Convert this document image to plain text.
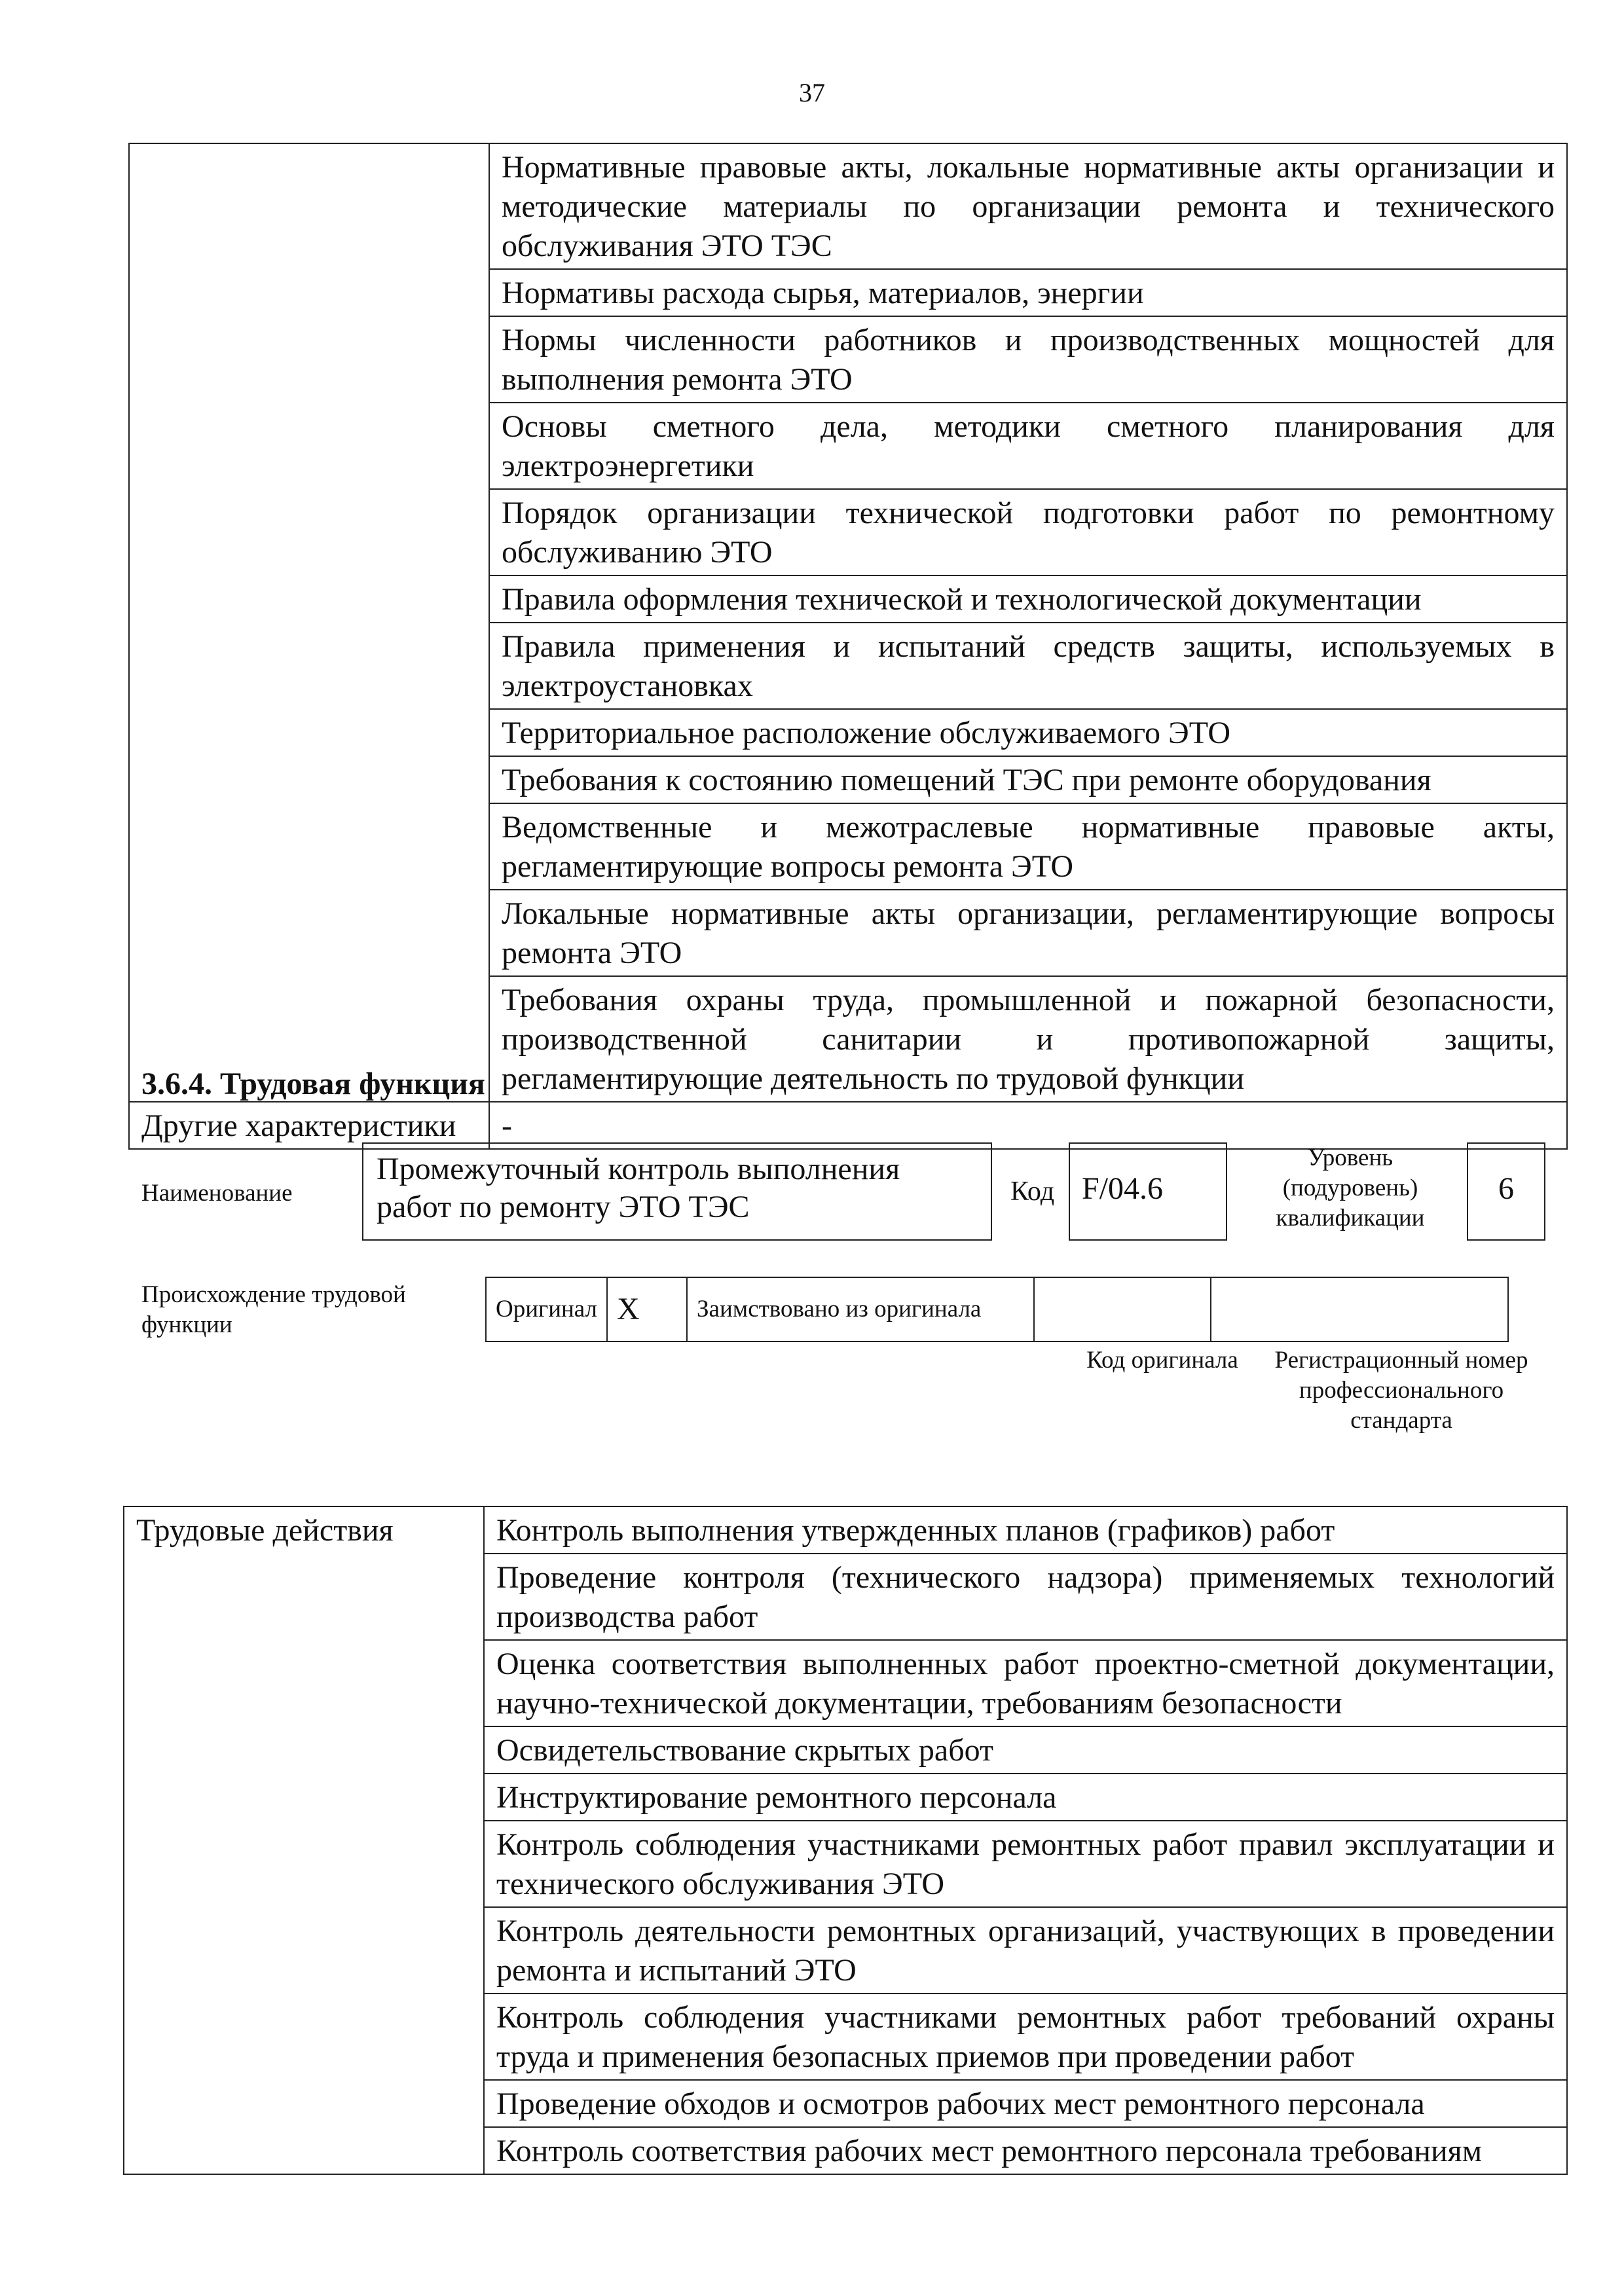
37
	Нормативные правовые акты, локальные нормативные акты организации и методические материалы по организации ремонта и технического обслуживания ЭТО ТЭС
	Нормативы расхода сырья, материалов, энергии
	Нормы численности работников и производственных мощностей для выполнения ремонта ЭТО
	Основы сметного дела, методики сметного планирования для электроэнергетики
	Порядок организации технической подготовки работ по ремонтному обслуживанию ЭТО
	Правила оформления технической и технологической документации
	Правила применения и испытаний средств защиты, используемых в электроустановках
	Территориальное расположение обслуживаемого ЭТО
	Требования к состоянию помещений ТЭС при ремонте оборудования
	Ведомственные и межотраслевые нормативные правовые акты, регламентирующие вопросы ремонта ЭТО
	Локальные нормативные акты организации, регламентирующие вопросы ремонта ЭТО
	Требования охраны труда, промышленной и пожарной безопасности, производственной санитарии и противопожарной защиты, регламентирующие деятельность по трудовой функции
Другие характеристики	-
3.6.4. Трудовая функция
Наименование
Промежуточный контроль выполнения работ по ремонту ЭТО ТЭС	Код F/04.6
Уровень (подуровень) квалификации
6
Происхождение трудовой функции
Оригинал	X	Заимствовано из оригинала		
Код оригинала	Регистрационный номер профессионального стандарта
Трудовые действия	Контроль выполнения утвержденных планов (графиков) работ
Проведение контроля (технического надзора) применяемых технологий производства работ
Оценка соответствия выполненных работ проектно-сметной документации, научно-технической документации, требованиям безопасности
Освидетельствование скрытых работ
Инструктирование ремонтного персонала
Контроль соблюдения участниками ремонтных работ правил эксплуатации и технического обслуживания ЭТО
Контроль деятельности ремонтных организаций, участвующих в проведении ремонта и испытаний ЭТО
Контроль соблюдения участниками ремонтных работ требований охраны труда и применения безопасных приемов при проведении работ
Проведение обходов и осмотров рабочих мест ремонтного персонала
Контроль соответствия рабочих мест ремонтного персонала требованиям
